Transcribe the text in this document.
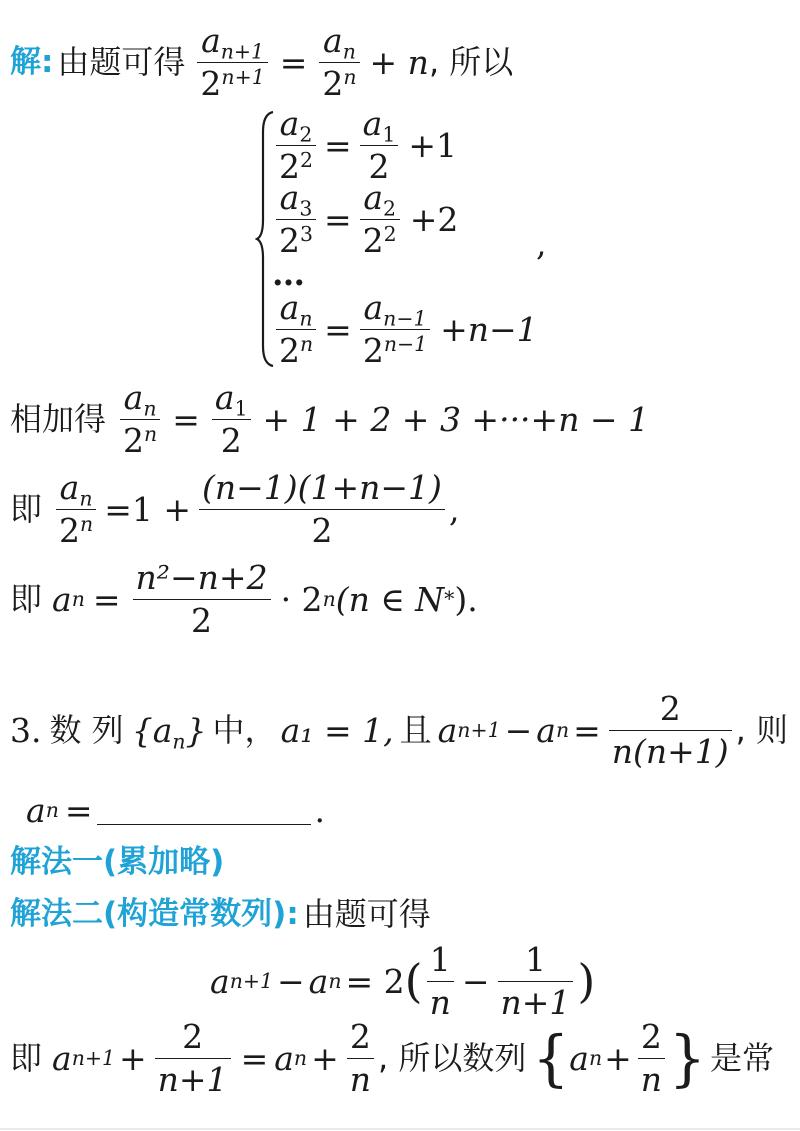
解 : 由题可得 $\frac{a_{n+1}}{2^{n+1}} = \frac{a_n}{2^n} + n$ , 所以
$\frac{a_2}{2^2} = \frac{a_1}{2} +1$
$\frac{a_3}{2^3} = \frac{a_2}{2^2} +2$
…
$\frac{a_n}{2^n} = \frac{a_{n-1}}{2^{n-1}} +n-1$
,
相加得 $\frac{a_n}{2^n} = \frac{a_1}{2} + 1 + 2 + 3 +\cdot\cdot\cdot+n - 1$
即 $\frac{a_n}{2^n} =1 + \frac{(n-1)(1+n-1)}{2}$ ,
即 a $n = \frac{\text{n²−n+2}}{2} \cdot 2$ n (n ∈ N * ).
3. 数 列 $\{a_n\}$ 中， a₁ = 1, 且 a n+1 − a $n = \frac{2}{n(n+1)}$ , 则
a n =	.
解法一(累加略)
解法二(构造常数列) : 由题可得
a n+1 − a n = 2 ( $\frac{1}{n} - \frac{1}{n+1}$ )
即 a $n+1 + \frac{2}{n+1} = a$ $n + \frac{2}{n}$ , 所以数列 { a $n + \frac{2}{n}$ } 是常
